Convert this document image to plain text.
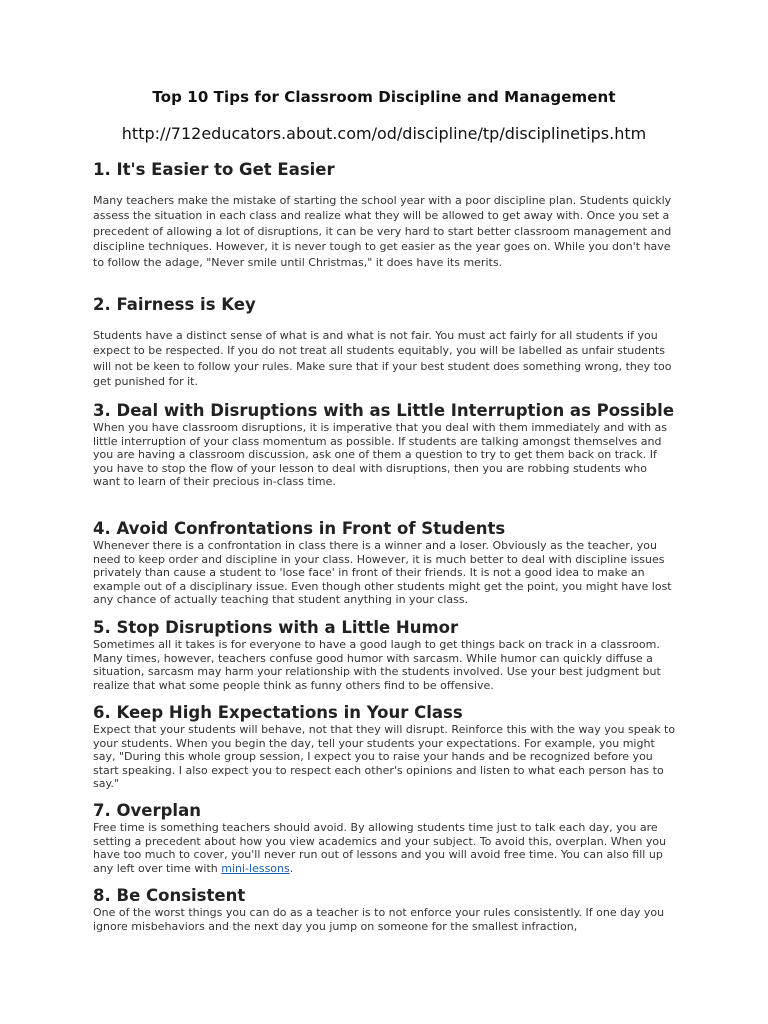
Top 10 Tips for Classroom Discipline and Management
http://712educators.about.com/od/discipline/tp/disciplinetips.htm
1. It's Easier to Get Easier

Many teachers make the mistake of starting the school year with a poor discipline plan. Students quickly assess the situation in each class and realize what they will be allowed to get away with. Once you set a precedent of allowing a lot of disruptions, it can be very hard to start better classroom management and discipline techniques. However, it is never tough to get easier as the year goes on. While you don't have to follow the adage, "Never smile until Christmas," it does have its merits.

2. Fairness is Key

Students have a distinct sense of what is and what is not fair. You must act fairly for all students if you expect to be respected. If you do not treat all students equitably, you will be labelled as unfair students will not be keen to follow your rules. Make sure that if your best student does something wrong, they too get punished for it.

3. Deal with Disruptions with as Little Interruption as Possible

When you have classroom disruptions, it is imperative that you deal with them immediately and with as little interruption of your class momentum as possible. If students are talking amongst themselves and you are having a classroom discussion, ask one of them a question to try to get them back on track. If you have to stop the flow of your lesson to deal with disruptions, then you are robbing students who want to learn of their precious in-class time.

4. Avoid Confrontations in Front of Students

Whenever there is a confrontation in class there is a winner and a loser. Obviously as the teacher, you need to keep order and discipline in your class. However, it is much better to deal with discipline issues privately than cause a student to 'lose face' in front of their friends. It is not a good idea to make an example out of a disciplinary issue. Even though other students might get the point, you might have lost any chance of actually teaching that student anything in your class.

5. Stop Disruptions with a Little Humor

Sometimes all it takes is for everyone to have a good laugh to get things back on track in a classroom. Many times, however, teachers confuse good humor with sarcasm. While humor can quickly diffuse a situation, sarcasm may harm your relationship with the students involved. Use your best judgment but realize that what some people think as funny others find to be offensive.

6. Keep High Expectations in Your Class

Expect that your students will behave, not that they will disrupt. Reinforce this with the way you speak to your students. When you begin the day, tell your students your expectations. For example, you might say, "During this whole group session, I expect you to raise your hands and be recognized before you start speaking. I also expect you to respect each other's opinions and listen to what each person has to say."

7. Overplan

Free time is something teachers should avoid. By allowing students time just to talk each day, you are setting a precedent about how you view academics and your subject. To avoid this, overplan. When you have too much to cover, you'll never run out of lessons and you will avoid free time. You can also fill up any left over time with mini-lessons.

8. Be Consistent

One of the worst things you can do as a teacher is to not enforce your rules consistently. If one day you ignore misbehaviors and the next day you jump on someone for the smallest infraction,
